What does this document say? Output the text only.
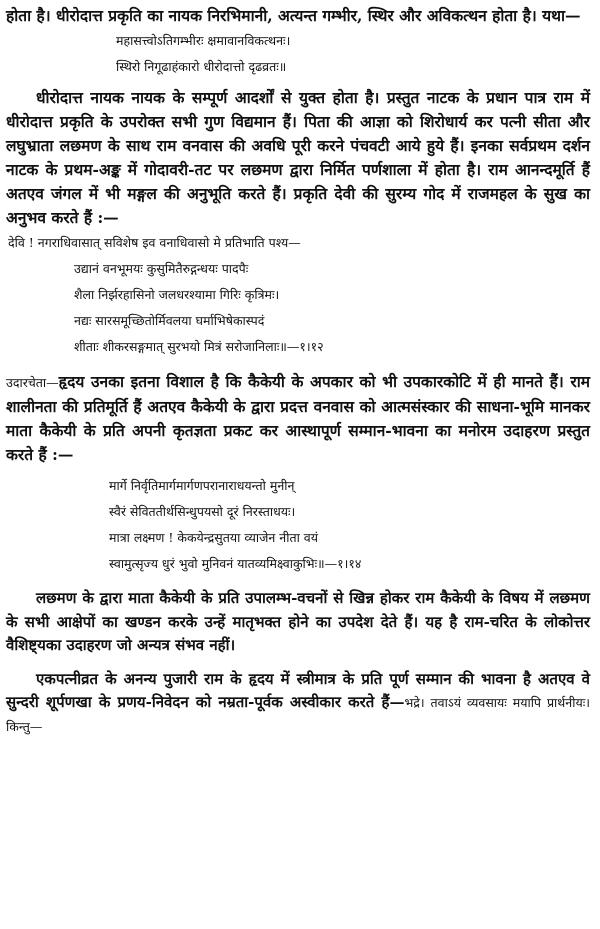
होता है। धीरोदात्त प्रकृति का नायक निरभिमानी, अत्यन्त गम्भीर, स्थिर और अविकत्थन होता है। यथा—

महासत्त्वोऽतिगम्भीरः क्षमावानविकत्थनः।
स्थिरो निगूढाहंकारो धीरोदात्तो दृढव्रतः॥

धीरोदात्त नायक नायक के सम्पूर्ण आदर्शों से युक्त होता है। प्रस्तुत नाटक के प्रधान पात्र राम में धीरोदात्त प्रकृति के उपरोक्त सभी गुण विद्यमान हैं। पिता की आज्ञा को शिरोधार्य कर पत्नी सीता और लघुभ्राता लछमण के साथ राम वनवास की अवधि पूरी करने पंचवटी आये हुये हैं। इनका सर्वप्रथम दर्शन नाटक के प्रथम-अङ्क में गोदावरी-तट पर लछमण द्वारा निर्मित पर्णशाला में होता है। राम आनन्दमूर्ति हैं अतएव जंगल में भी मङ्गल की अनुभूति करते हैं। प्रकृति देवी की सुरम्य गोद में राजमहल के सुख का अनुभव करते हैं :—

देवि ! नगराधिवासात् सविशेष इव वनाधिवासो मे प्रतिभाति पश्य—
उद्यानं वनभूमयः कुसुमितैरुद्गन्धयः पादपैः
शैला निर्झरहासिनो जलधरश्यामा गिरिः कृत्रिमः।
नद्यः सारसमूच्छितोर्मिवलया घर्माभिषेकास्पदं
शीताः शीकरसङ्गमात् सुरभयो मित्रं सरोजानिलाः॥—१।१२

उदारचेता—हृदय उनका इतना विशाल है कि कैकेयी के अपकार को भी उपकारकोटि में ही मानते हैं। राम शालीनता की प्रतिमूर्ति हैं अतएव कैकेयी के द्वारा प्रदत्त वनवास को आत्मसंस्कार की साधना-भूमि मानकर माता कैकेयी के प्रति अपनी कृतज्ञता प्रकट कर आस्थापूर्ण सम्मान-भावना का मनोरम उदाहरण प्रस्तुत करते हैं :—

मार्गे निर्वृतिमार्गमार्गणपरानाराधयन्तो मुनीन्
स्वैरं सेविततीर्थसिन्धुपयसो दूरं निरस्ताधयः।
मात्रा लक्ष्मण ! केकयेन्द्रसुतया व्याजेन नीता वयं
स्वामुत्सृज्य धुरं भुवो मुनिवनं यातव्यमिक्ष्वाकुभिः॥—१।१४

लछमण के द्वारा माता कैकेयी के प्रति उपालम्भ-वचनों से खिन्न होकर राम कैकेयी के विषय में लछमण के सभी आक्षेपों का खण्डन करके उन्हें मातृभक्त होने का उपदेश देते हैं। यह है राम-चरित के लोकोत्तर वैशिष्ट्यका उदाहरण जो अन्यत्र संभव नहीं।

एकपत्नीव्रत के अनन्य पुजारी राम के हृदय में स्त्रीमात्र के प्रति पूर्ण सम्मान की भावना है अतएव वे सुन्दरी शूर्पणखा के प्रणय-निवेदन को नम्रता-पूर्वक अस्वीकार करते हैं—भद्रे। तवाऽयं व्यवसायः मयापि प्रार्थनीयः। किन्तु—
